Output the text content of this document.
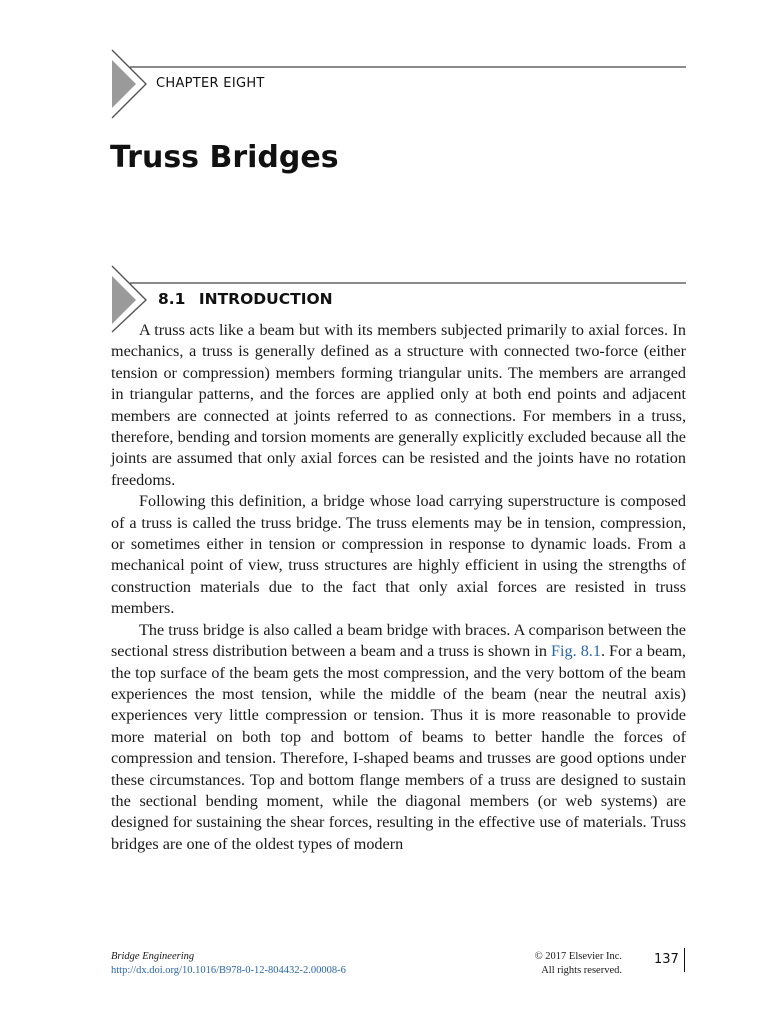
CHAPTER EIGHT
Truss Bridges
8.1 INTRODUCTION

A truss acts like a beam but with its members subjected primarily to axial forces. In mechanics, a truss is generally defined as a structure with connected two-force (either tension or compression) members forming triangular units. The members are arranged in triangular patterns, and the forces are applied only at both end points and adjacent members are connected at joints referred to as connections. For members in a truss, therefore, bending and torsion moments are generally explicitly excluded because all the joints are assumed that only axial forces can be resisted and the joints have no rotation freedoms.

Following this definition, a bridge whose load carrying superstructure is composed of a truss is called the truss bridge. The truss elements may be in tension, compression, or sometimes either in tension or compression in response to dynamic loads. From a mechanical point of view, truss structures are highly efficient in using the strengths of construction materials due to the fact that only axial forces are resisted in truss members.

The truss bridge is also called a beam bridge with braces. A comparison between the sectional stress distribution between a beam and a truss is shown in Fig. 8.1. For a beam, the top surface of the beam gets the most compression, and the very bottom of the beam experiences the most tension, while the middle of the beam (near the neutral axis) experiences very little compression or tension. Thus it is more reasonable to provide more material on both top and bottom of beams to better handle the forces of compression and tension. Therefore, I-shaped beams and trusses are good options under these circumstances. Top and bottom flange members of a truss are designed to sustain the sectional bending moment, while the diagonal members (or web systems) are designed for sustaining the shear forces, resulting in the effective use of materials. Truss bridges are one of the oldest types of modern

Bridge Engineering
http://dx.doi.org/10.1016/B978-0-12-804432-2.00008-6
© 2017 Elsevier Inc.
All rights reserved.
137
